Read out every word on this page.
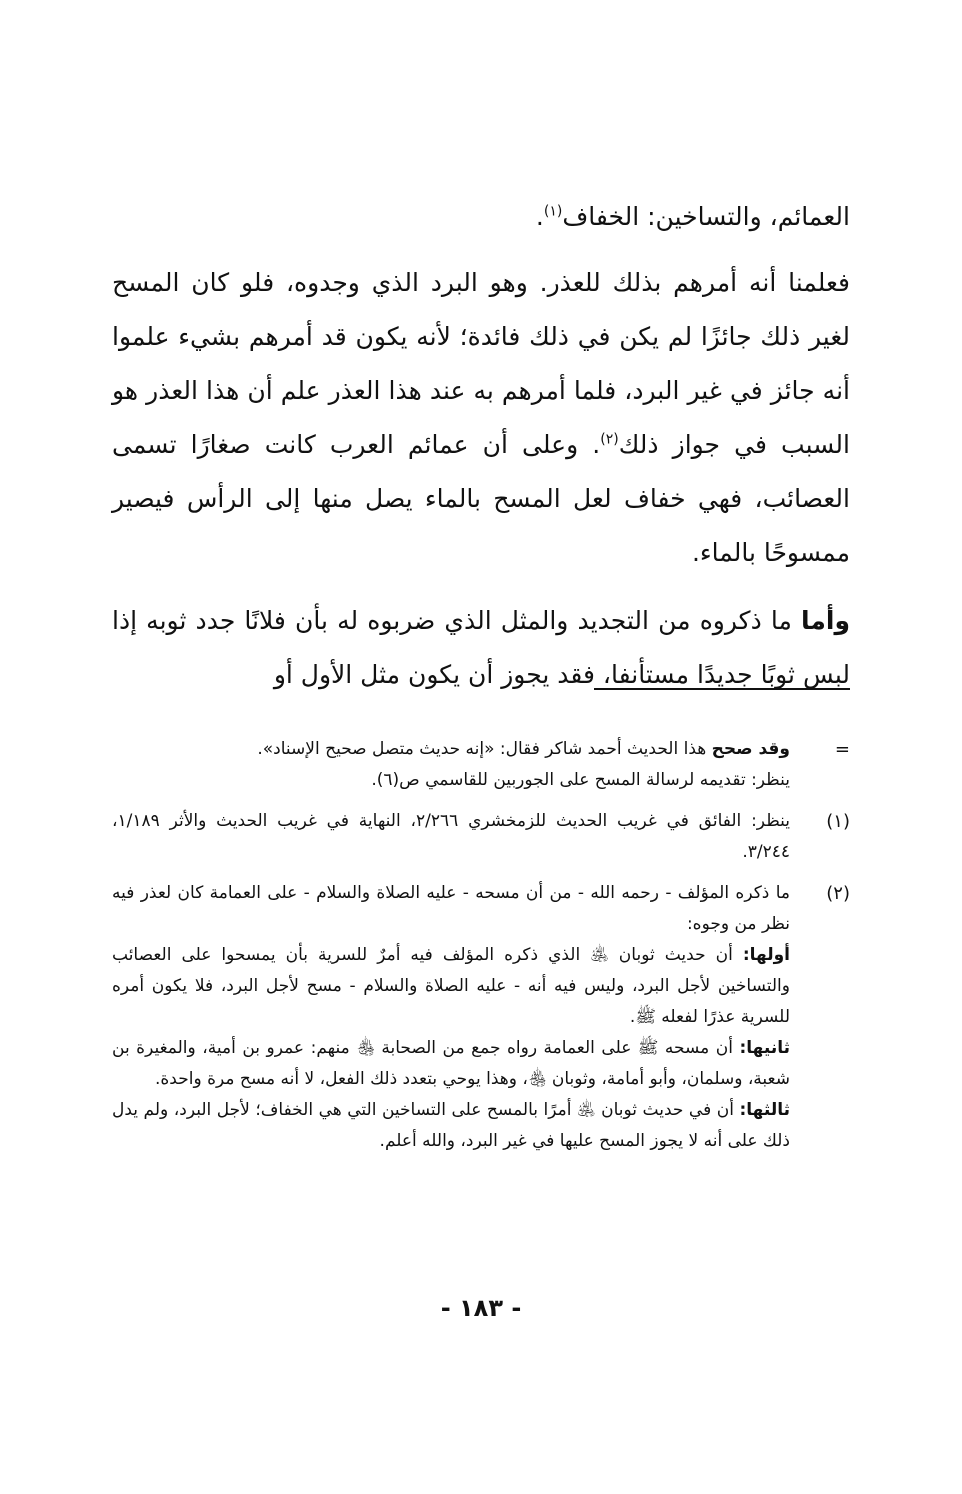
العمائم، والتساخين: الخفاف$^{(١)}$.

فعلمنا أنه أمرهم بذلك للعذر. وهو البرد الذي وجدوه، فلو كان المسح لغير ذلك جائزًا لم يكن في ذلك فائدة؛ لأنه يكون قد أمرهم بشيء علموا أنه جائز في غير البرد، فلما أمرهم به عند هذا العذر علم أن هذا العذر هو السبب في جواز ذلك$^{(٢)}$. وعلى أن عمائم العرب كانت صغارًا تسمى العصائب، فهي خفاف لعل المسح بالماء يصل منها إلى الرأس فيصير ممسوحًا بالماء.

وأما ما ذكروه من التجديد والمثل الذي ضربوه له بأن فلانًا جدد ثوبه إذا لبس ثوبًا جديدًا مستأنفا، فقد يجوز أن يكون مثل الأول أو

=
وقد صحح هذا الحديث أحمد شاكر فقال: «إنه حديث متصل صحيح الإسناد».
ينظر: تقديمه لرسالة المسح على الجوربين للقاسمي ص(٦).
(١)
ينظر: الفائق في غريب الحديث للزمخشري ٢/٢٦٦، النهاية في غريب الحديث والأثر ١/١٨٩، ٣/٢٤٤.
(٢)
ما ذكره المؤلف - رحمه الله - من أن مسحه - عليه الصلاة والسلام - على العمامة كان لعذر فيه نظر من وجوه:
أولها: أن حديث ثوبان ﵁ الذي ذكره المؤلف فيه أمرٌ للسرية بأن يمسحوا على العصائب والتساخين لأجل البرد، وليس فيه أنه - عليه الصلاة والسلام - مسح لأجل البرد، فلا يكون أمره للسرية عذرًا لفعله ﷺ.
ثانيها: أن مسحه ﷺ على العمامة رواه جمع من الصحابة ﵃ منهم: عمرو بن أمية، والمغيرة بن شعبة، وسلمان، وأبو أمامة، وثوبان ﵃، وهذا يوحي بتعدد ذلك الفعل، لا أنه مسح مرة واحدة.
ثالثها: أن في حديث ثوبان ﵁ أمرًا بالمسح على التساخين التي هي الخفاف؛ لأجل البرد، ولم يدل ذلك على أنه لا يجوز المسح عليها في غير البرد، والله أعلم.
- ١٨٣ -
